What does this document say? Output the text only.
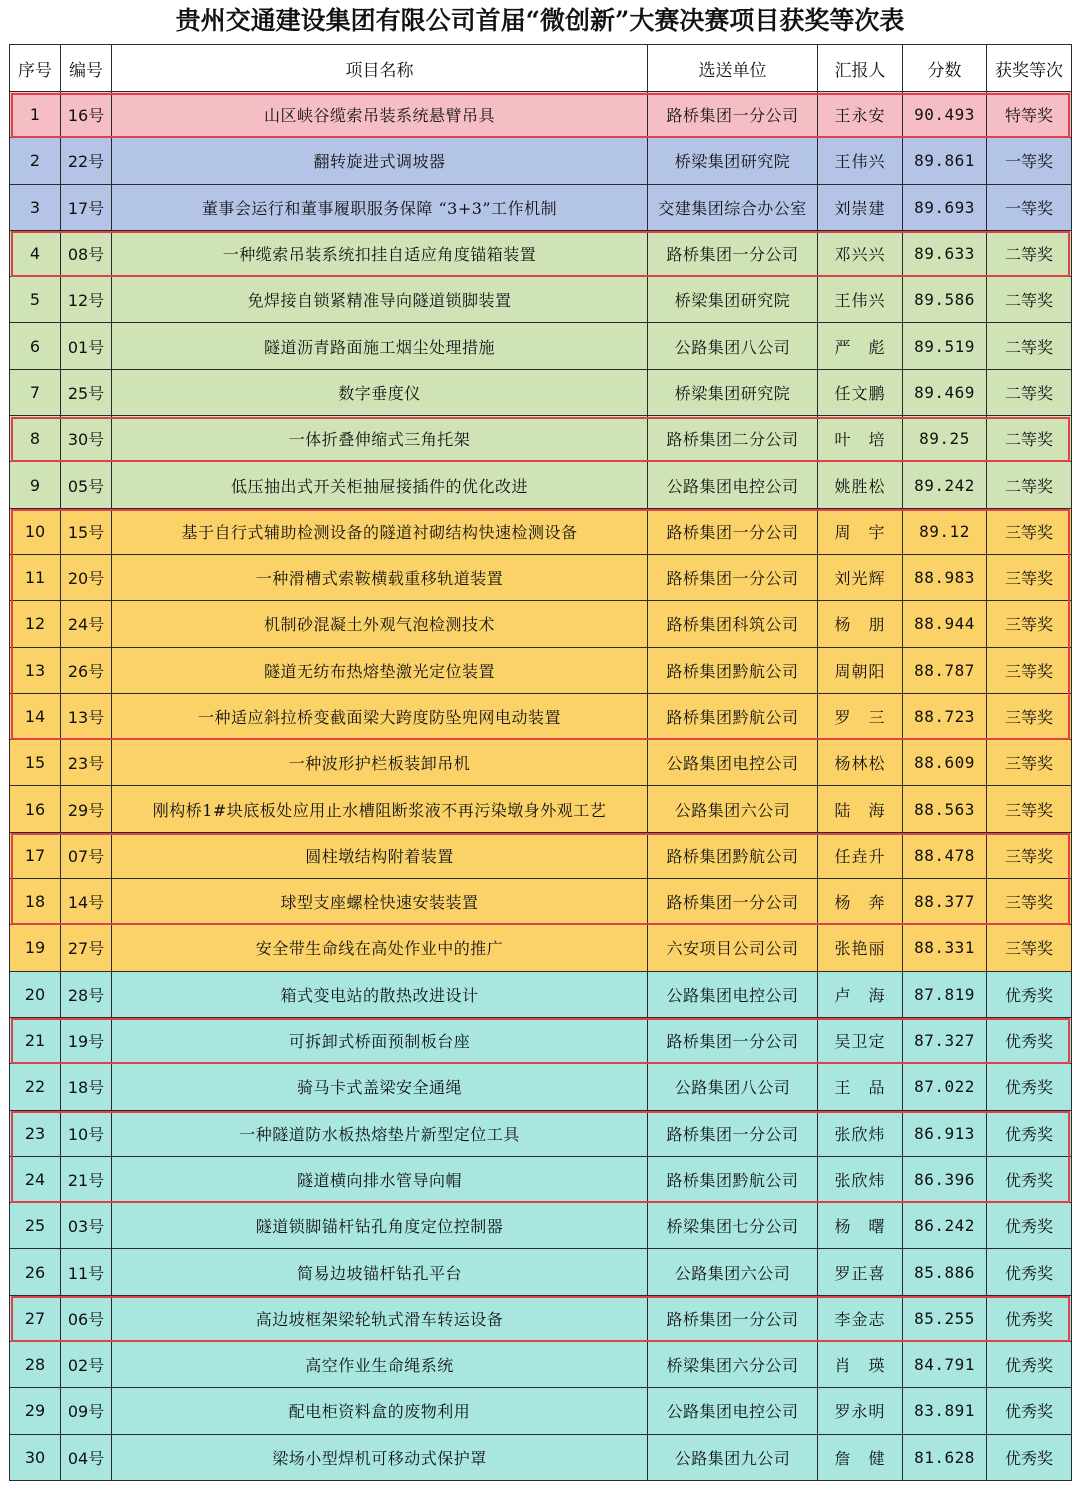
贵州交通建设集团有限公司首届“微创新”大赛决赛项目获奖等次表
序号	编号	项目名称	选送单位	汇报人	分数	获奖等次
1	16号	山区峡谷缆索吊装系统悬臂吊具	路桥集团一分公司	王永安	90.493	特等奖
2	22号	翻转旋进式调坡器	桥梁集团研究院	王伟兴	89.861	一等奖
3	17号	董事会运行和董事履职服务保障 “3+3”工作机制	交建集团综合办公室	刘崇建	89.693	一等奖
4	08号	一种缆索吊装系统扣挂自适应角度锚箱装置	路桥集团一分公司	邓兴兴	89.633	二等奖
5	12号	免焊接自锁紧精准导向隧道锁脚装置	桥梁集团研究院	王伟兴	89.586	二等奖
6	01号	隧道沥青路面施工烟尘处理措施	公路集团八公司	严　彪	89.519	二等奖
7	25号	数字垂度仪	桥梁集团研究院	任文鹏	89.469	二等奖
8	30号	一体折叠伸缩式三角托架	路桥集团二分公司	叶　培	89.25	二等奖
9	05号	低压抽出式开关柜抽屉接插件的优化改进	公路集团电控公司	姚胜松	89.242	二等奖
10	15号	基于自行式辅助检测设备的隧道衬砌结构快速检测设备	路桥集团一分公司	周　宇	89.12	三等奖
11	20号	一种滑槽式索鞍横载重移轨道装置	路桥集团一分公司	刘光辉	88.983	三等奖
12	24号	机制砂混凝土外观气泡检测技术	路桥集团科筑公司	杨　朋	88.944	三等奖
13	26号	隧道无纺布热熔垫激光定位装置	路桥集团黔航公司	周朝阳	88.787	三等奖
14	13号	一种适应斜拉桥变截面梁大跨度防坠兜网电动装置	路桥集团黔航公司	罗　三	88.723	三等奖
15	23号	一种波形护栏板装卸吊机	公路集团电控公司	杨林松	88.609	三等奖
16	29号	刚构桥1#块底板处应用止水槽阻断浆液不再污染墩身外观工艺	公路集团六公司	陆　海	88.563	三等奖
17	07号	圆柱墩结构附着装置	路桥集团黔航公司	任垚升	88.478	三等奖
18	14号	球型支座螺栓快速安装装置	路桥集团一分公司	杨　奔	88.377	三等奖
19	27号	安全带生命线在高处作业中的推广	六安项目公司公司	张艳丽	88.331	三等奖
20	28号	箱式变电站的散热改进设计	公路集团电控公司	卢　海	87.819	优秀奖
21	19号	可拆卸式桥面预制板台座	路桥集团一分公司	吴卫定	87.327	优秀奖
22	18号	骑马卡式盖梁安全通绳	公路集团八公司	王　品	87.022	优秀奖
23	10号	一种隧道防水板热熔垫片新型定位工具	路桥集团一分公司	张欣炜	86.913	优秀奖
24	21号	隧道横向排水管导向帽	路桥集团黔航公司	张欣炜	86.396	优秀奖
25	03号	隧道锁脚锚杆钻孔角度定位控制器	桥梁集团七分公司	杨　曙	86.242	优秀奖
26	11号	简易边坡锚杆钻孔平台	公路集团六公司	罗正喜	85.886	优秀奖
27	06号	高边坡框架梁轮轨式滑车转运设备	路桥集团一分公司	李金志	85.255	优秀奖
28	02号	高空作业生命绳系统	桥梁集团六分公司	肖　瑛	84.791	优秀奖
29	09号	配电柜资料盒的废物利用	公路集团电控公司	罗永明	83.891	优秀奖
30	04号	梁场小型焊机可移动式保护罩	公路集团九公司	詹　健	81.628	优秀奖
